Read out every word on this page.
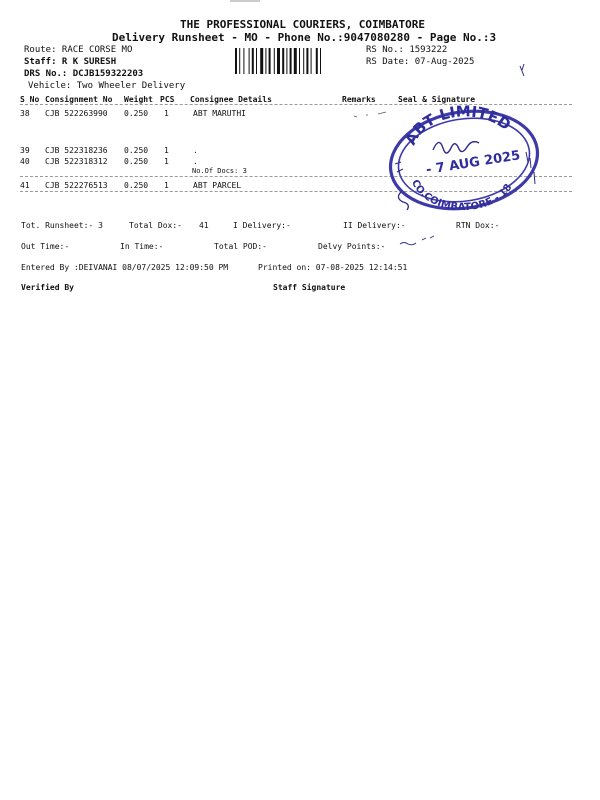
THE PROFESSIONAL COURIERS, COIMBATORE
Delivery Runsheet - MO - Phone No.:9047080280 - Page No.:3
Route: RACE CORSE MO
Staff: R K SURESH
DRS No.: DCJB159322203
Vehicle: Two Wheeler Delivery
RS No.: 1593222
RS Date: 07-Aug-2025
S No Consignment No Weight PCS Consignee Details	Remarks	Seal & Signature
38 CJB 522263990 0.250 1	ABT MARUTHI
39 CJB 522318236 0.250 1	.
40 CJB 522318312 0.250 1	.
No.Of Docs: 3
41 CJB 522276513 0.250 1	ABT PARCEL
ABT LIMITED
CO.COIMBATORE - 18
- 7 AUG 2025
Tot. Runsheet:- 3	Total Dox:- 41	I Delivery:-	II Delivery:-	RTN Dox:-
Out Time:-	In Time:-	Total POD:-	Delvy Points:-
Entered By :DEIVANAI 08/07/2025 12:09:50 PM	Printed on: 07-08-2025 12:14:51
Verified By	Staff Signature
